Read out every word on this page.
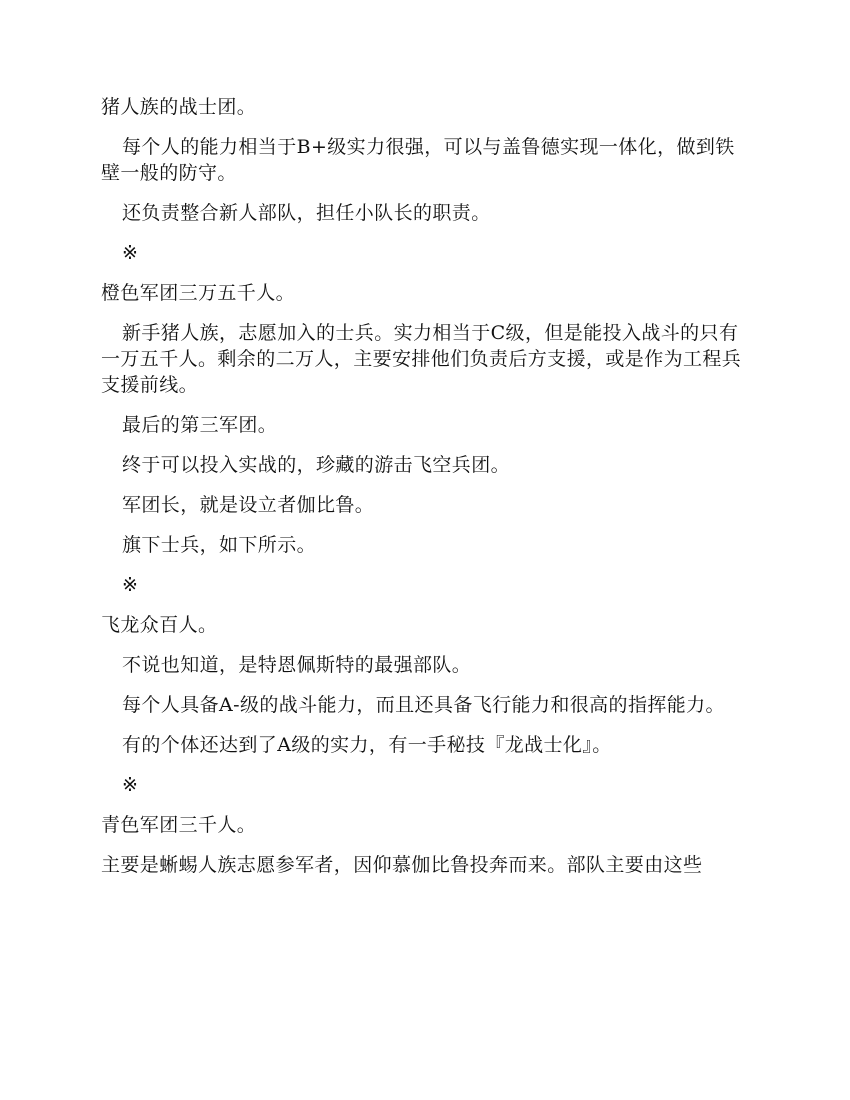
猪人族的战士团。

每个人的能力相当于B+级实力很强，可以与盖鲁德实现一体化，做到铁壁一般的防守。

还负责整合新人部队，担任小队长的职责。

※

橙色军团三万五千人。

新手猪人族，志愿加入的士兵。实力相当于C级，但是能投入战斗的只有一万五千人。剩余的二万人，主要安排他们负责后方支援，或是作为工程兵支援前线。

最后的第三军团。

终于可以投入实战的，珍藏的游击飞空兵团。

军团长，就是设立者伽比鲁。

旗下士兵，如下所示。

※

飞龙众百人。

不说也知道，是特恩佩斯特的最强部队。

每个人具备A-级的战斗能力，而且还具备飞行能力和很高的指挥能力。

有的个体还达到了A级的实力，有一手秘技『龙战士化』。

※

青色军团三千人。

主要是蜥蜴人族志愿参军者，因仰慕伽比鲁投奔而来。部队主要由这些
